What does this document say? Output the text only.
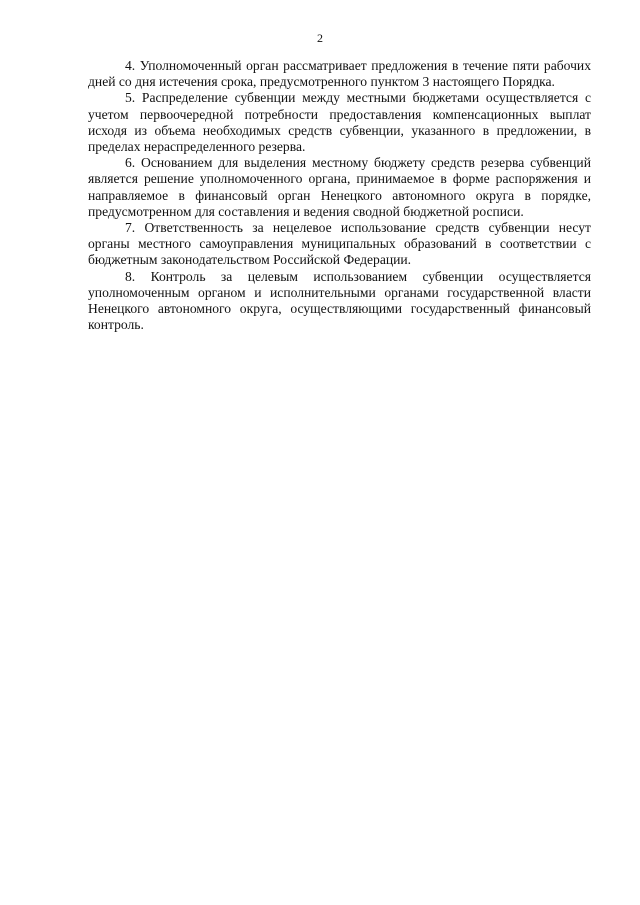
2

4. Уполномоченный орган рассматривает предложения в течение пяти рабочих дней со дня истечения срока, предусмотренного пунктом 3 настоящего Порядка.

5. Распределение субвенции между местными бюджетами осуществляется с учетом первоочередной потребности предоставления компенсационных выплат исходя из объема необходимых средств субвенции, указанного в предложении, в пределах нераспределенного резерва.

6. Основанием для выделения местному бюджету средств резерва субвенций является решение уполномоченного органа, принимаемое в форме распоряжения и направляемое в финансовый орган Ненецкого автономного округа в порядке, предусмотренном для составления и ведения сводной бюджетной росписи.

7. Ответственность за нецелевое использование средств субвенции несут органы местного самоуправления муниципальных образований в соответствии с бюджетным законодательством Российской Федерации.

8. Контроль за целевым использованием субвенции осуществляется уполномоченным органом и исполнительными органами государственной власти Ненецкого автономного округа, осуществляющими государственный финансовый контроль.
